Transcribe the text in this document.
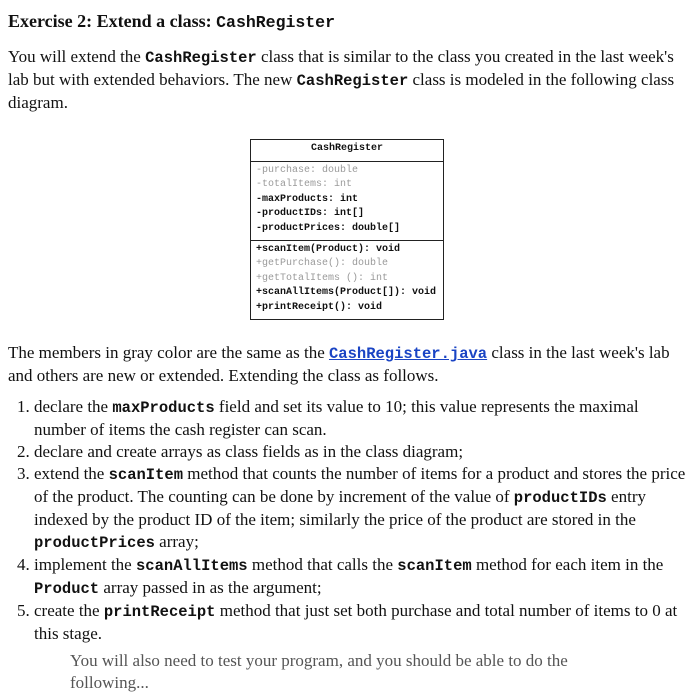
Exercise 2: Extend a class: CashRegister
You will extend the CashRegister class that is similar to the class you created in the last week's lab but with extended behaviors. The new CashRegister class is modeled in the following class diagram.
CashRegister
-purchase: double
-totalItems: int
-maxProducts: int
-productIDs: int[]
-productPrices: double[]
+scanItem(Product): void
+getPurchase(): double
+getTotalItems (): int
+scanAllItems(Product[]): void
+printReceipt(): void
The members in gray color are the same as the CashRegister.java class in the last week's lab and others are new or extended. Extending the class as follows.
1. declare the maxProducts field and set its value to 10; this value represents the maximal number of items the cash register can scan.
2. declare and create arrays as class fields as in the class diagram;
3. extend the scanItem method that counts the number of items for a product and stores the price of the product. The counting can be done by increment of the value of productIDs entry indexed by the product ID of the item; similarly the price of the product are stored in the productPrices array;
4. implement the scanAllItems method that calls the scanItem method for each item in the Product array passed in as the argument;
5. create the printReceipt method that just set both purchase and total number of items to 0 at this stage.
You will also need to test your program, and you should be able to do the following...
